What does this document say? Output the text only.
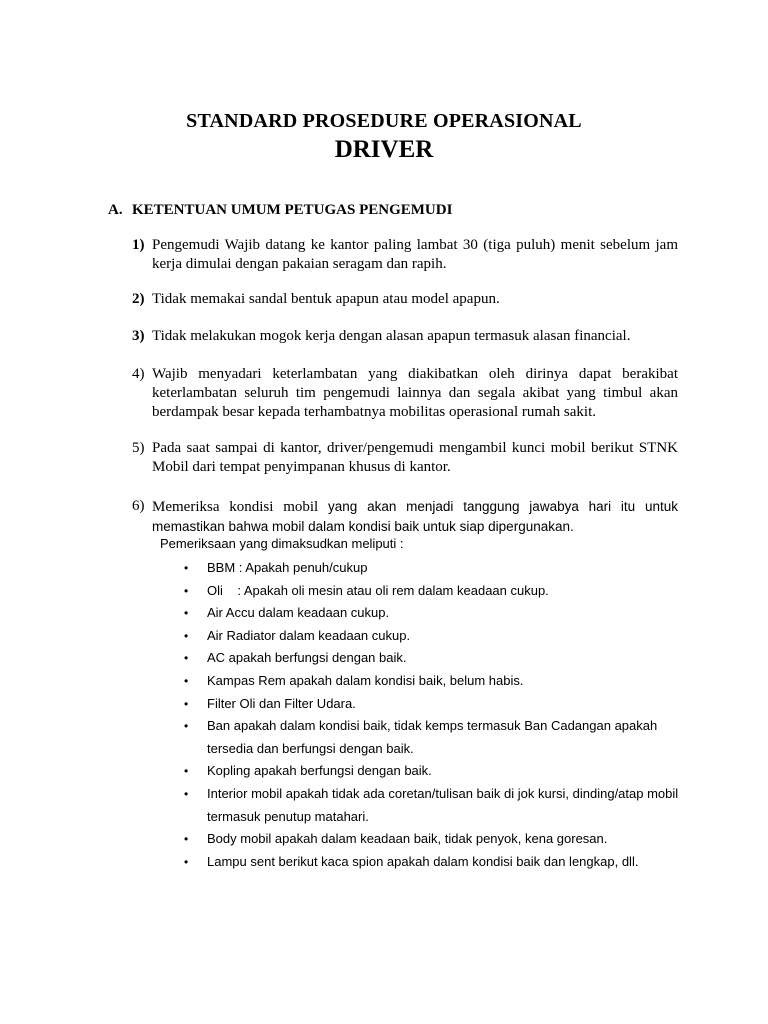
STANDARD PROSEDURE OPERASIONAL
DRIVER
A. KETENTUAN UMUM PETUGAS PENGEMUDI
1) Pengemudi Wajib datang ke kantor paling lambat 30 (tiga puluh) menit sebelum jam kerja dimulai dengan pakaian seragam dan rapih.
2) Tidak memakai sandal bentuk apapun atau model apapun.
3) Tidak melakukan mogok kerja dengan alasan apapun termasuk alasan financial.
4) Wajib menyadari keterlambatan yang diakibatkan oleh dirinya dapat berakibat keterlambatan seluruh tim pengemudi lainnya dan segala akibat yang timbul akan berdampak besar kepada terhambatnya mobilitas operasional rumah sakit.
5) Pada saat sampai di kantor, driver/pengemudi mengambil kunci mobil berikut STNK Mobil dari tempat penyimpanan khusus di kantor.
6) Memeriksa kondisi mobil yang akan menjadi tanggung jawabya hari itu untuk memastikan bahwa mobil dalam kondisi baik untuk siap dipergunakan.
Pemeriksaan yang dimaksudkan meliputi :
• BBM : Apakah penuh/cukup
• Oli    : Apakah oli mesin atau oli rem dalam keadaan cukup.
• Air Accu dalam keadaan cukup.
• Air Radiator dalam keadaan cukup.
• AC apakah berfungsi dengan baik.
• Kampas Rem apakah dalam kondisi baik, belum habis.
• Filter Oli dan Filter Udara.
• Ban apakah dalam kondisi baik, tidak kemps termasuk Ban Cadangan apakah tersedia dan berfungsi dengan baik.
• Kopling apakah berfungsi dengan baik.
• Interior mobil apakah tidak ada coretan/tulisan baik di jok kursi, dinding/atap mobil termasuk penutup matahari.
• Body mobil apakah dalam keadaan baik, tidak penyok, kena goresan.
• Lampu sent berikut kaca spion apakah dalam kondisi baik dan lengkap, dll.
